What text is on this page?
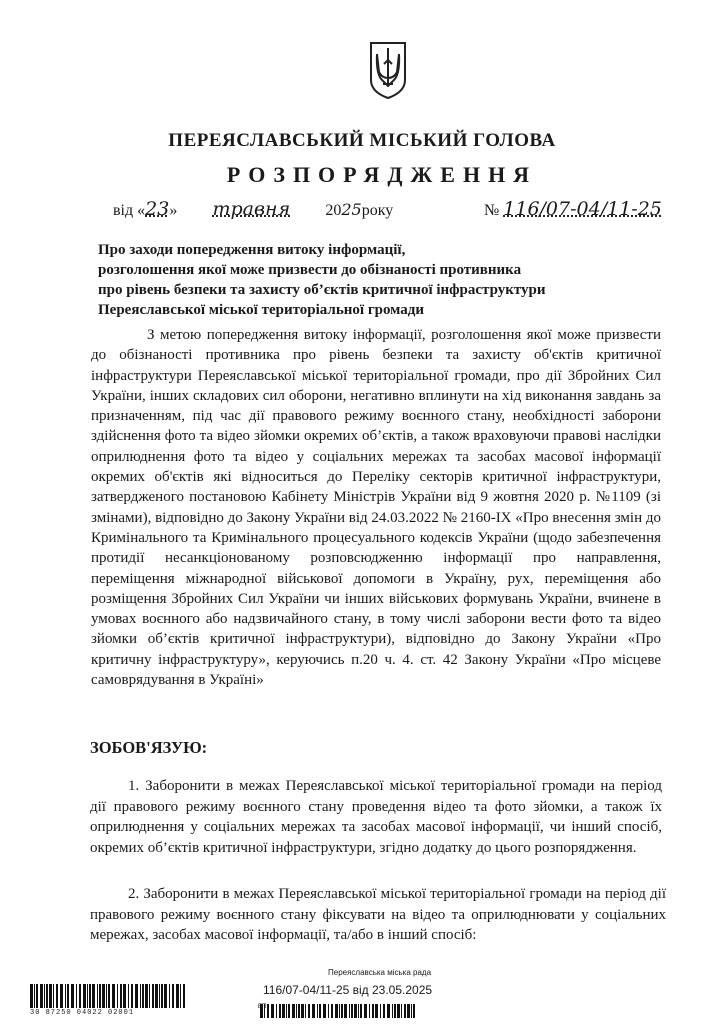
ПЕРЕЯСЛАВСЬКИЙ МІСЬКИЙ ГОЛОВА
РОЗПОРЯДЖЕННЯ
від «23» травня 2025року	№ 116/07-04/11-25
Про заходи попередження витоку інформації,
розголошення якої може призвести до обізнаності противника
про рівень безпеки та захисту об’єктів критичної інфраструктури
Переяславської міської територіальної громади
З метою попередження витоку інформації, розголошення якої може призвести до обізнаності противника про рівень безпеки та захисту об'єктів критичної інфраструктури Переяславської міської територіальної громади, про дії Збройних Сил України, інших складових сил оборони, негативно вплинути на хід виконання завдань за призначенням, під час дії правового режиму воєнного стану, необхідності заборони здійснення фото та відео зйомки окремих об’єктів, а також враховуючи правові наслідки оприлюднення фото та відео у соціальних мережах та засобах масової інформації окремих об'єктів які відноситься до Переліку секторів критичної інфраструктури, затвердженого постановою Кабінету Міністрів України від 9 жовтня 2020 р. №1109 (зі змінами), відповідно до Закону України від 24.03.2022 № 2160-IX «Про внесення змін до Кримінального та Кримінального процесуального кодексів України (щодо забезпечення протидії несанкціонованому розповсюдженню інформації про направлення, переміщення міжнародної військової допомоги в Україну, рух, переміщення або розміщення Збройних Сил України чи інших військових формувань України, вчинене в умовах воєнного або надзвичайного стану, в тому числі заборони вести фото та відео зйомки об’єктів критичної інфраструктури), відповідно до Закону України «Про критичну інфраструктуру», керуючись п.20 ч. 4. ст. 42 Закону України «Про місцеве самоврядування в Україні»
ЗОБОВ'ЯЗУЮ:
1. Заборонити в межах Переяславської міської територіальної громади на період дії правового режиму воєнного стану проведення відео та фото зйомки, а також їх оприлюднення у соціальних мережах та засобах масової інформації, чи інший спосіб, окремих об’єктів критичної інфраструктури, згідно додатку до цього розпорядження.
2. Заборонити в межах Переяславської міської територіальної громади на період дії правового режиму воєнного стану фіксувати на відео та оприлюднювати у соціальних мережах, засобах масової інформації, та/або в інший спосіб:
30 87250 04022 02001
Переяславська міська рада
116/07-04/11-25 від 23.05.2025
ЕП
